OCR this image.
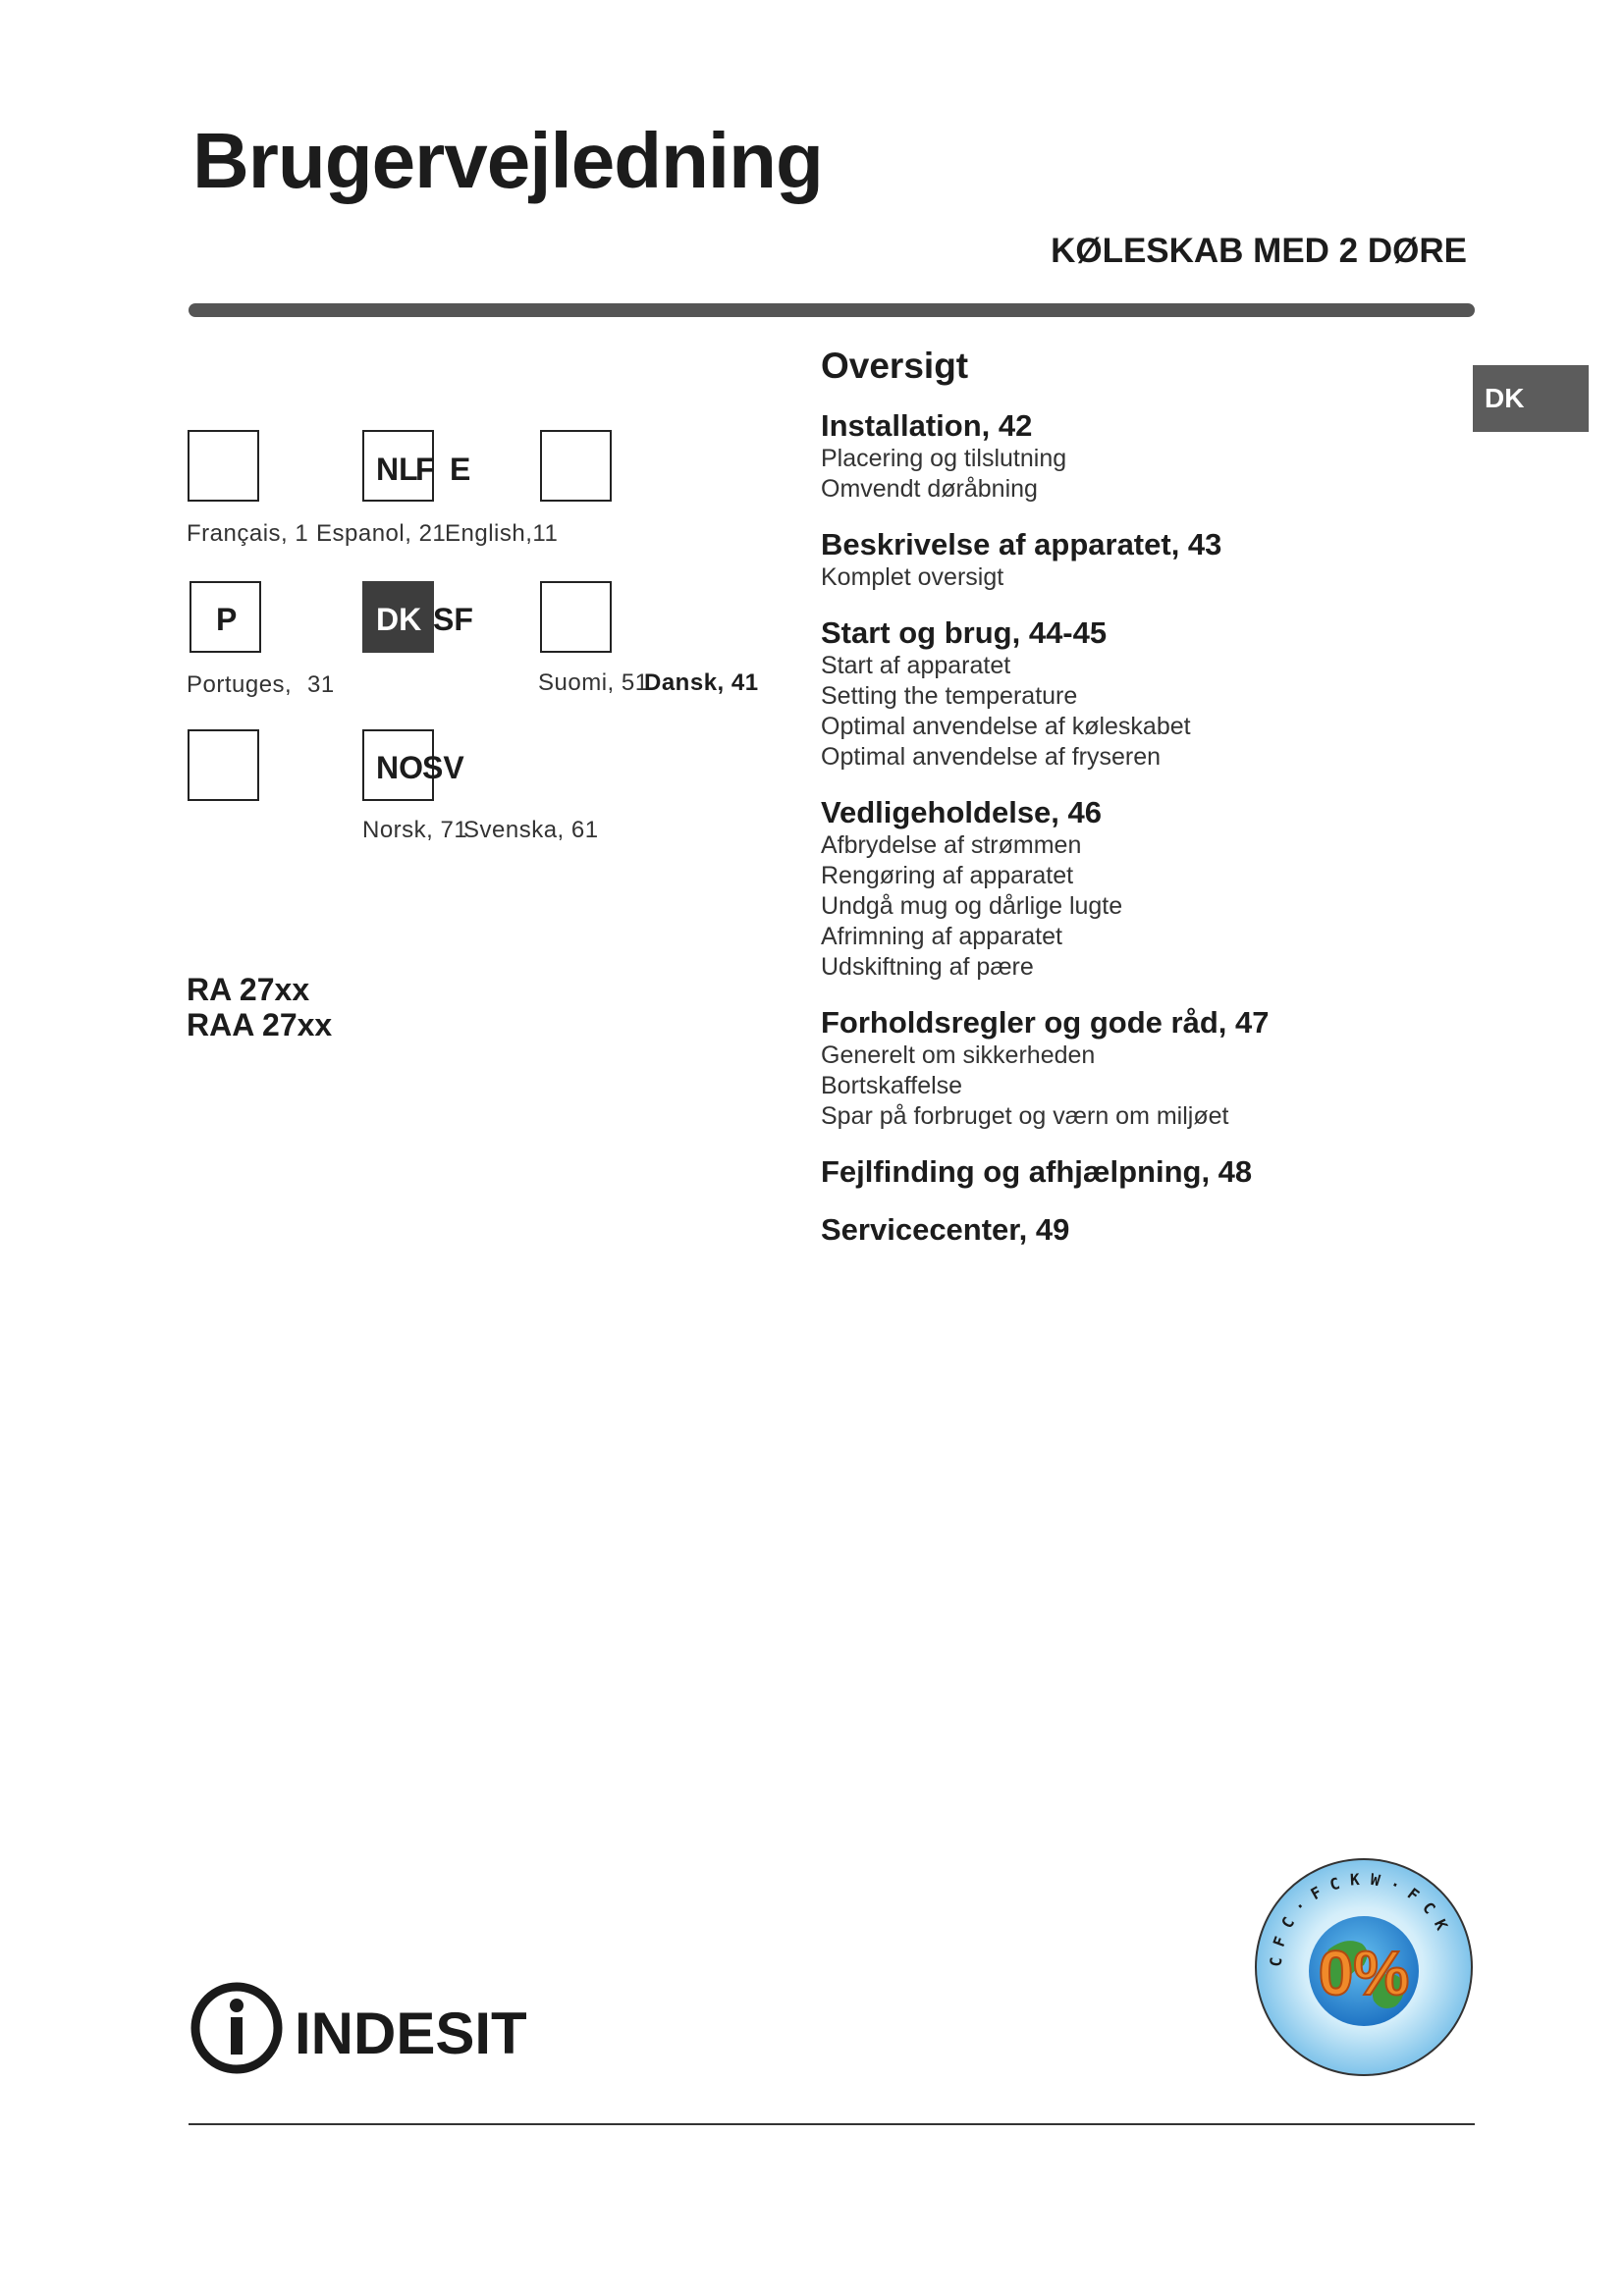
Brugervejledning
KØLESKAB MED 2 DØRE
DK
NL
F E
Français, 1 Espanol, 21
English,11
P	DK SF
Portuges, 31	Suomi, 51
Dansk, 41
NO SV
Norsk, 71
Svenska, 61
RA 27xx
RAA 27xx
Oversigt
Installation, 42
Placering og tilslutning
Omvendt døråbning
Beskrivelse af apparatet, 43
Komplet oversigt
Start og brug, 44-45
Start af apparatet
Setting the temperature
Optimal anvendelse af køleskabet
Optimal anvendelse af fryseren
Vedligeholdelse, 46
Afbrydelse af strømmen
Rengøring af apparatet
Undgå mug og dårlige lugte
Afrimning af apparatet
Udskiftning af pære
Forholdsregler og gode råd, 47
Generelt om sikkerheden
Bortskaffelse
Spar på forbruget og værn om miljøet
Fejlfinding og afhjælpning, 48
Servicecenter, 49
INDESIT
CFC·FCKW·FCK
0%
